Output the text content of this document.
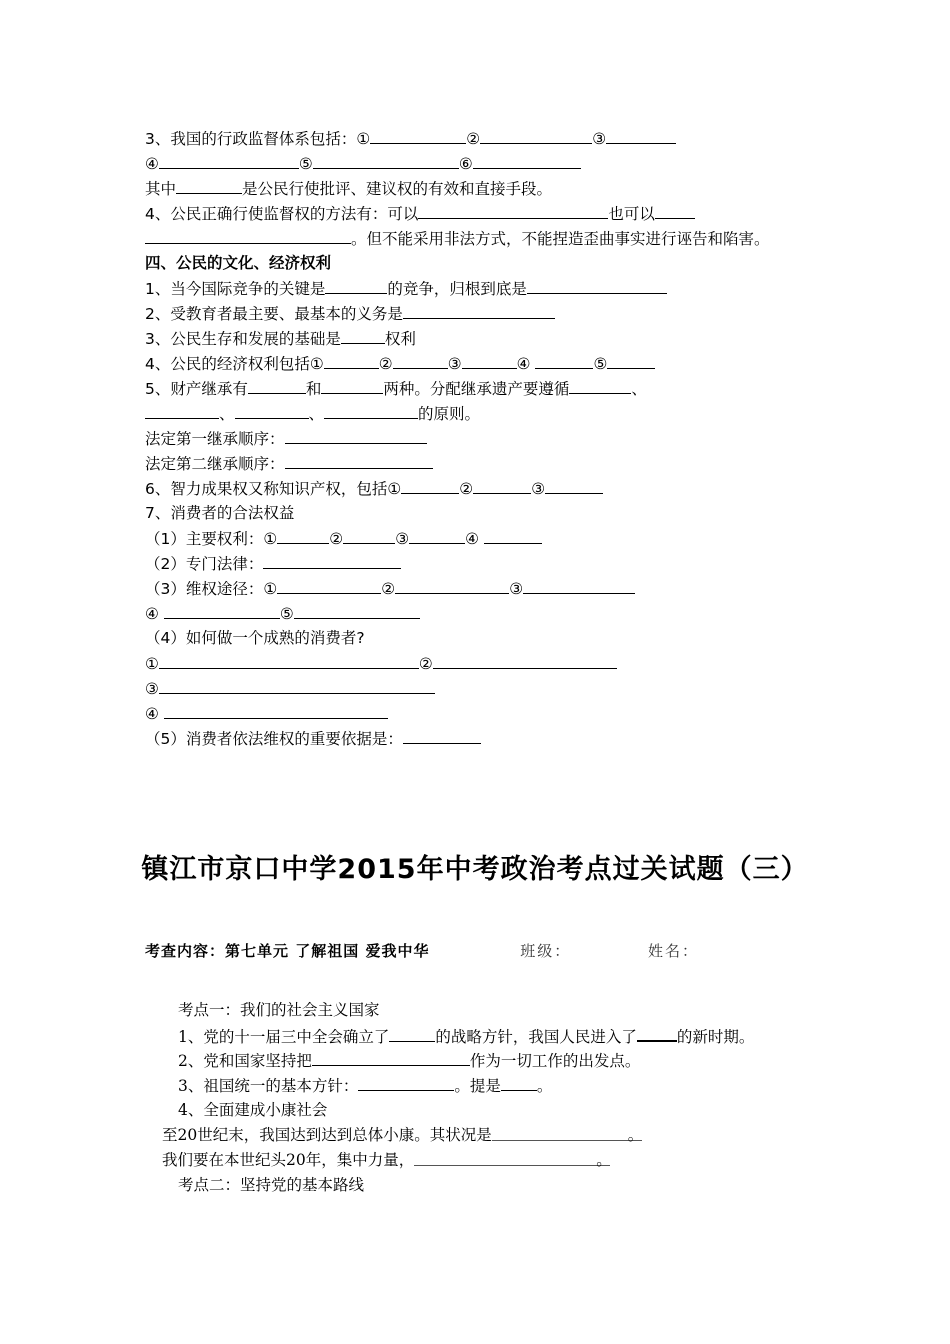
3、我国的行政监督体系包括：①	②	③
④	⑤	⑥
其中	是公民行使批评、建议权的有效和直接手段。
4、公民正确行使监督权的方法有：可以	也可以
。但不能采用非法方式，不能捏造歪曲事实进行诬告和陷害。
四、公民的文化、经济权利
1、当今国际竞争的关键是	的竞争，归根到底是
2、受教育者最主要、最基本的义务是
3、公民生存和发展的基础是	权利
4、公民的经济权利包括①	②	③	④	⑤
5、财产继承有	和	两种。分配继承遗产要遵循	、
、	、	的原则。
法定第一继承顺序：
法定第二继承顺序：
6、智力成果权又称知识产权，包括①	②	③
7、消费者的合法权益
（1）主要权利：①	②	③	④
（2）专门法律：
（3）维权途径：①	②	③
④	⑤
（4）如何做一个成熟的消费者?
①	②
③
④
（5）消费者依法维权的重要依据是：
镇江市京口中学2015年中考政治考点过关试题（三）
考查内容：第七单元 了解祖国 爱我中华	班级：	姓名：
考点一：我们的社会主义国家
1、党的十一届三中全会确立了	的战略方针，我国人民进入了	的新时期。
2、党和国家坚持把	作为一切工作的出发点。
3、祖国统一的基本方针：	。提是 。
4、全面建成小康社会
至20世纪末，我国达到达到总体小康。其状况是	。
我们要在本世纪头20年，集中力量，	。
考点二：坚持党的基本路线
